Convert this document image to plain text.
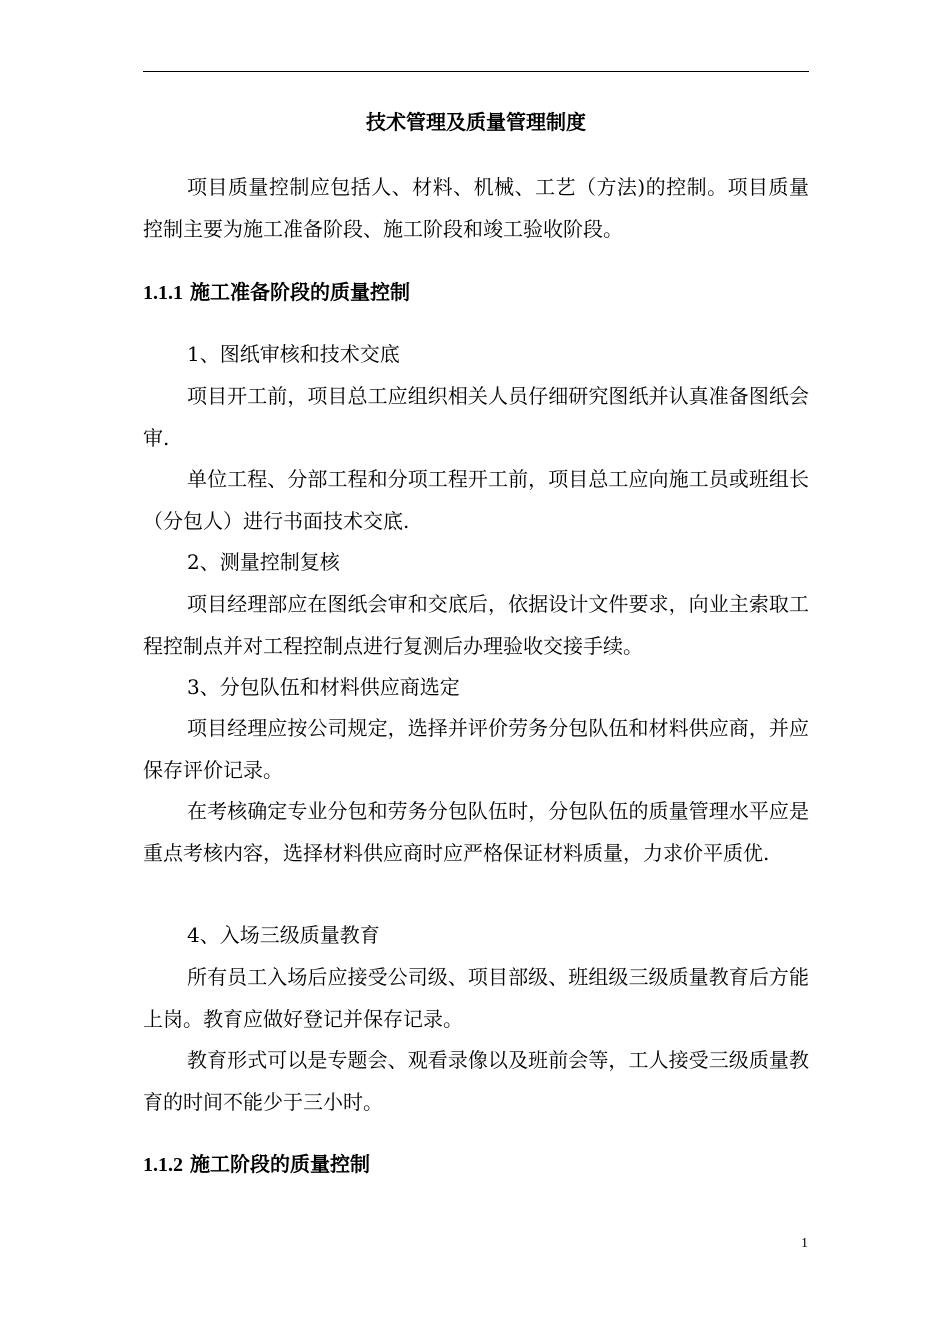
技术管理及质量管理制度

项目质量控制应包括人、材料、机械、工艺（方法)的控制。项目质量控制主要为施工准备阶段、施工阶段和竣工验收阶段。

1.1.1 施工准备阶段的质量控制

1、图纸审核和技术交底

项目开工前，项目总工应组织相关人员仔细研究图纸并认真准备图纸会审.

单位工程、分部工程和分项工程开工前，项目总工应向施工员或班组长（分包人）进行书面技术交底.

2、测量控制复核

项目经理部应在图纸会审和交底后，依据设计文件要求，向业主索取工程控制点并对工程控制点进行复测后办理验收交接手续。

3、分包队伍和材料供应商选定

项目经理应按公司规定，选择并评价劳务分包队伍和材料供应商，并应保存评价记录。

在考核确定专业分包和劳务分包队伍时，分包队伍的质量管理水平应是重点考核内容，选择材料供应商时应严格保证材料质量，力求价平质优.

4、入场三级质量教育

所有员工入场后应接受公司级、项目部级、班组级三级质量教育后方能上岗。教育应做好登记并保存记录。

教育形式可以是专题会、观看录像以及班前会等，工人接受三级质量教育的时间不能少于三小时。

1.1.2 施工阶段的质量控制
1
